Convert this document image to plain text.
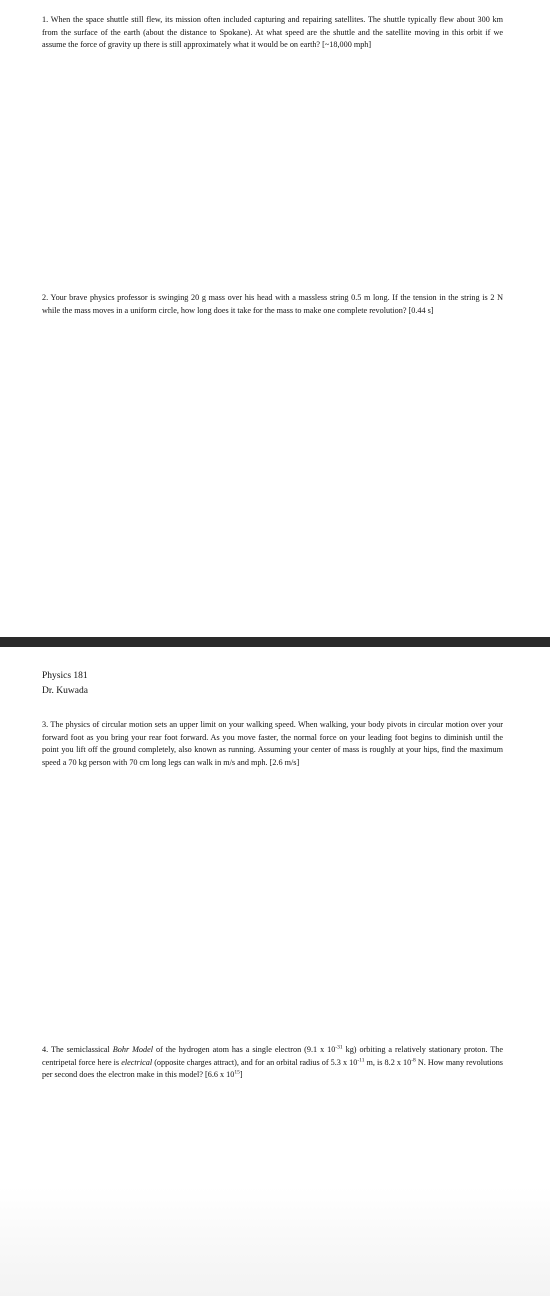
1. When the space shuttle still flew, its mission often included capturing and repairing satellites. The shuttle typically flew about 300 km from the surface of the earth (about the distance to Spokane). At what speed are the shuttle and the satellite moving in this orbit if we assume the force of gravity up there is still approximately what it would be on earth? [~18,000 mph]
2. Your brave physics professor is swinging 20 g mass over his head with a massless string 0.5 m long. If the tension in the string is 2 N while the mass moves in a uniform circle, how long does it take for the mass to make one complete revolution? [0.44 s]
Physics 181
Dr. Kuwada
3. The physics of circular motion sets an upper limit on your walking speed. When walking, your body pivots in circular motion over your forward foot as you bring your rear foot forward. As you move faster, the normal force on your leading foot begins to diminish until the point you lift off the ground completely, also known as running. Assuming your center of mass is roughly at your hips, find the maximum speed a 70 kg person with 70 cm long legs can walk in m/s and mph. [2.6 m/s]
4. The semiclassical Bohr Model of the hydrogen atom has a single electron (9.1 x $10^{-31}$ kg) orbiting a relatively stationary proton. The centripetal force here is electrical (opposite charges attract), and for an orbital radius of 5.3 x $10^{-11}$ m, is 8.2 x $10^{-8}$ N. How many revolutions per second does the electron make in this model? [6.6 x $10^{15}$]
